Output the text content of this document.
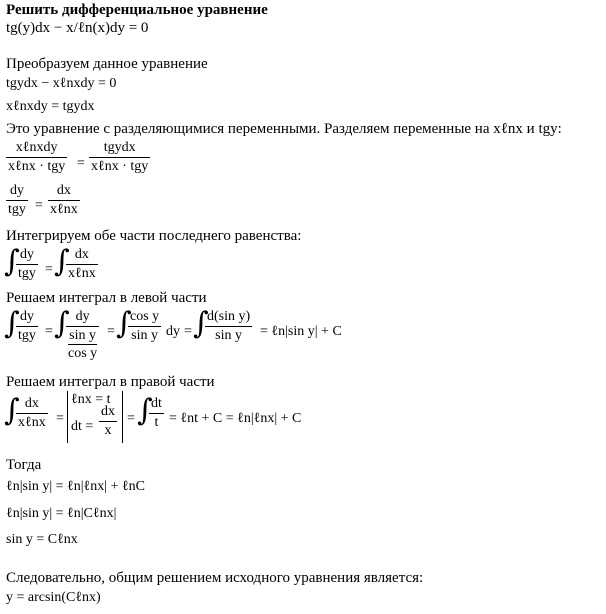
Решить дифференциальное уравнение
tg(y)dx − x/ℓn(x)dy = 0
Преобразуем данное уравнение
tgydx − xℓnxdy = 0
xℓnxdy = tgydx
Это уравнение с разделяющимися переменными. Разделяем переменные на xℓnx и tgy:
xℓnxdy
xℓnx · tgy =
tgydx
xℓnx · tgy
dy
tgy =
dx
xℓnx
Интегрируем обе части последнего равенства:
∫ dy
tgy = ∫ dx
xℓnx
Решаем интеграл в левой части
∫ dy
tgy = ∫ dy
sin y
cos y
= ∫
cos y
sin y dy = ∫
d(sin y)
sin y	= ℓn|sin y| + C
Решаем интеграл в правой части
∫ dx
xℓnx =
ℓnx = t
dt =
dx
x
= ∫
dt
t = ℓnt + C = ℓn|ℓnx| + C
Тогда
ℓn|sin y| = ℓn|ℓnx| + ℓnC
ℓn|sin y| = ℓn|Cℓnx|
sin y = Cℓnx
Следовательно, общим решением исходного уравнения является:
y = arcsin(Cℓnx)
